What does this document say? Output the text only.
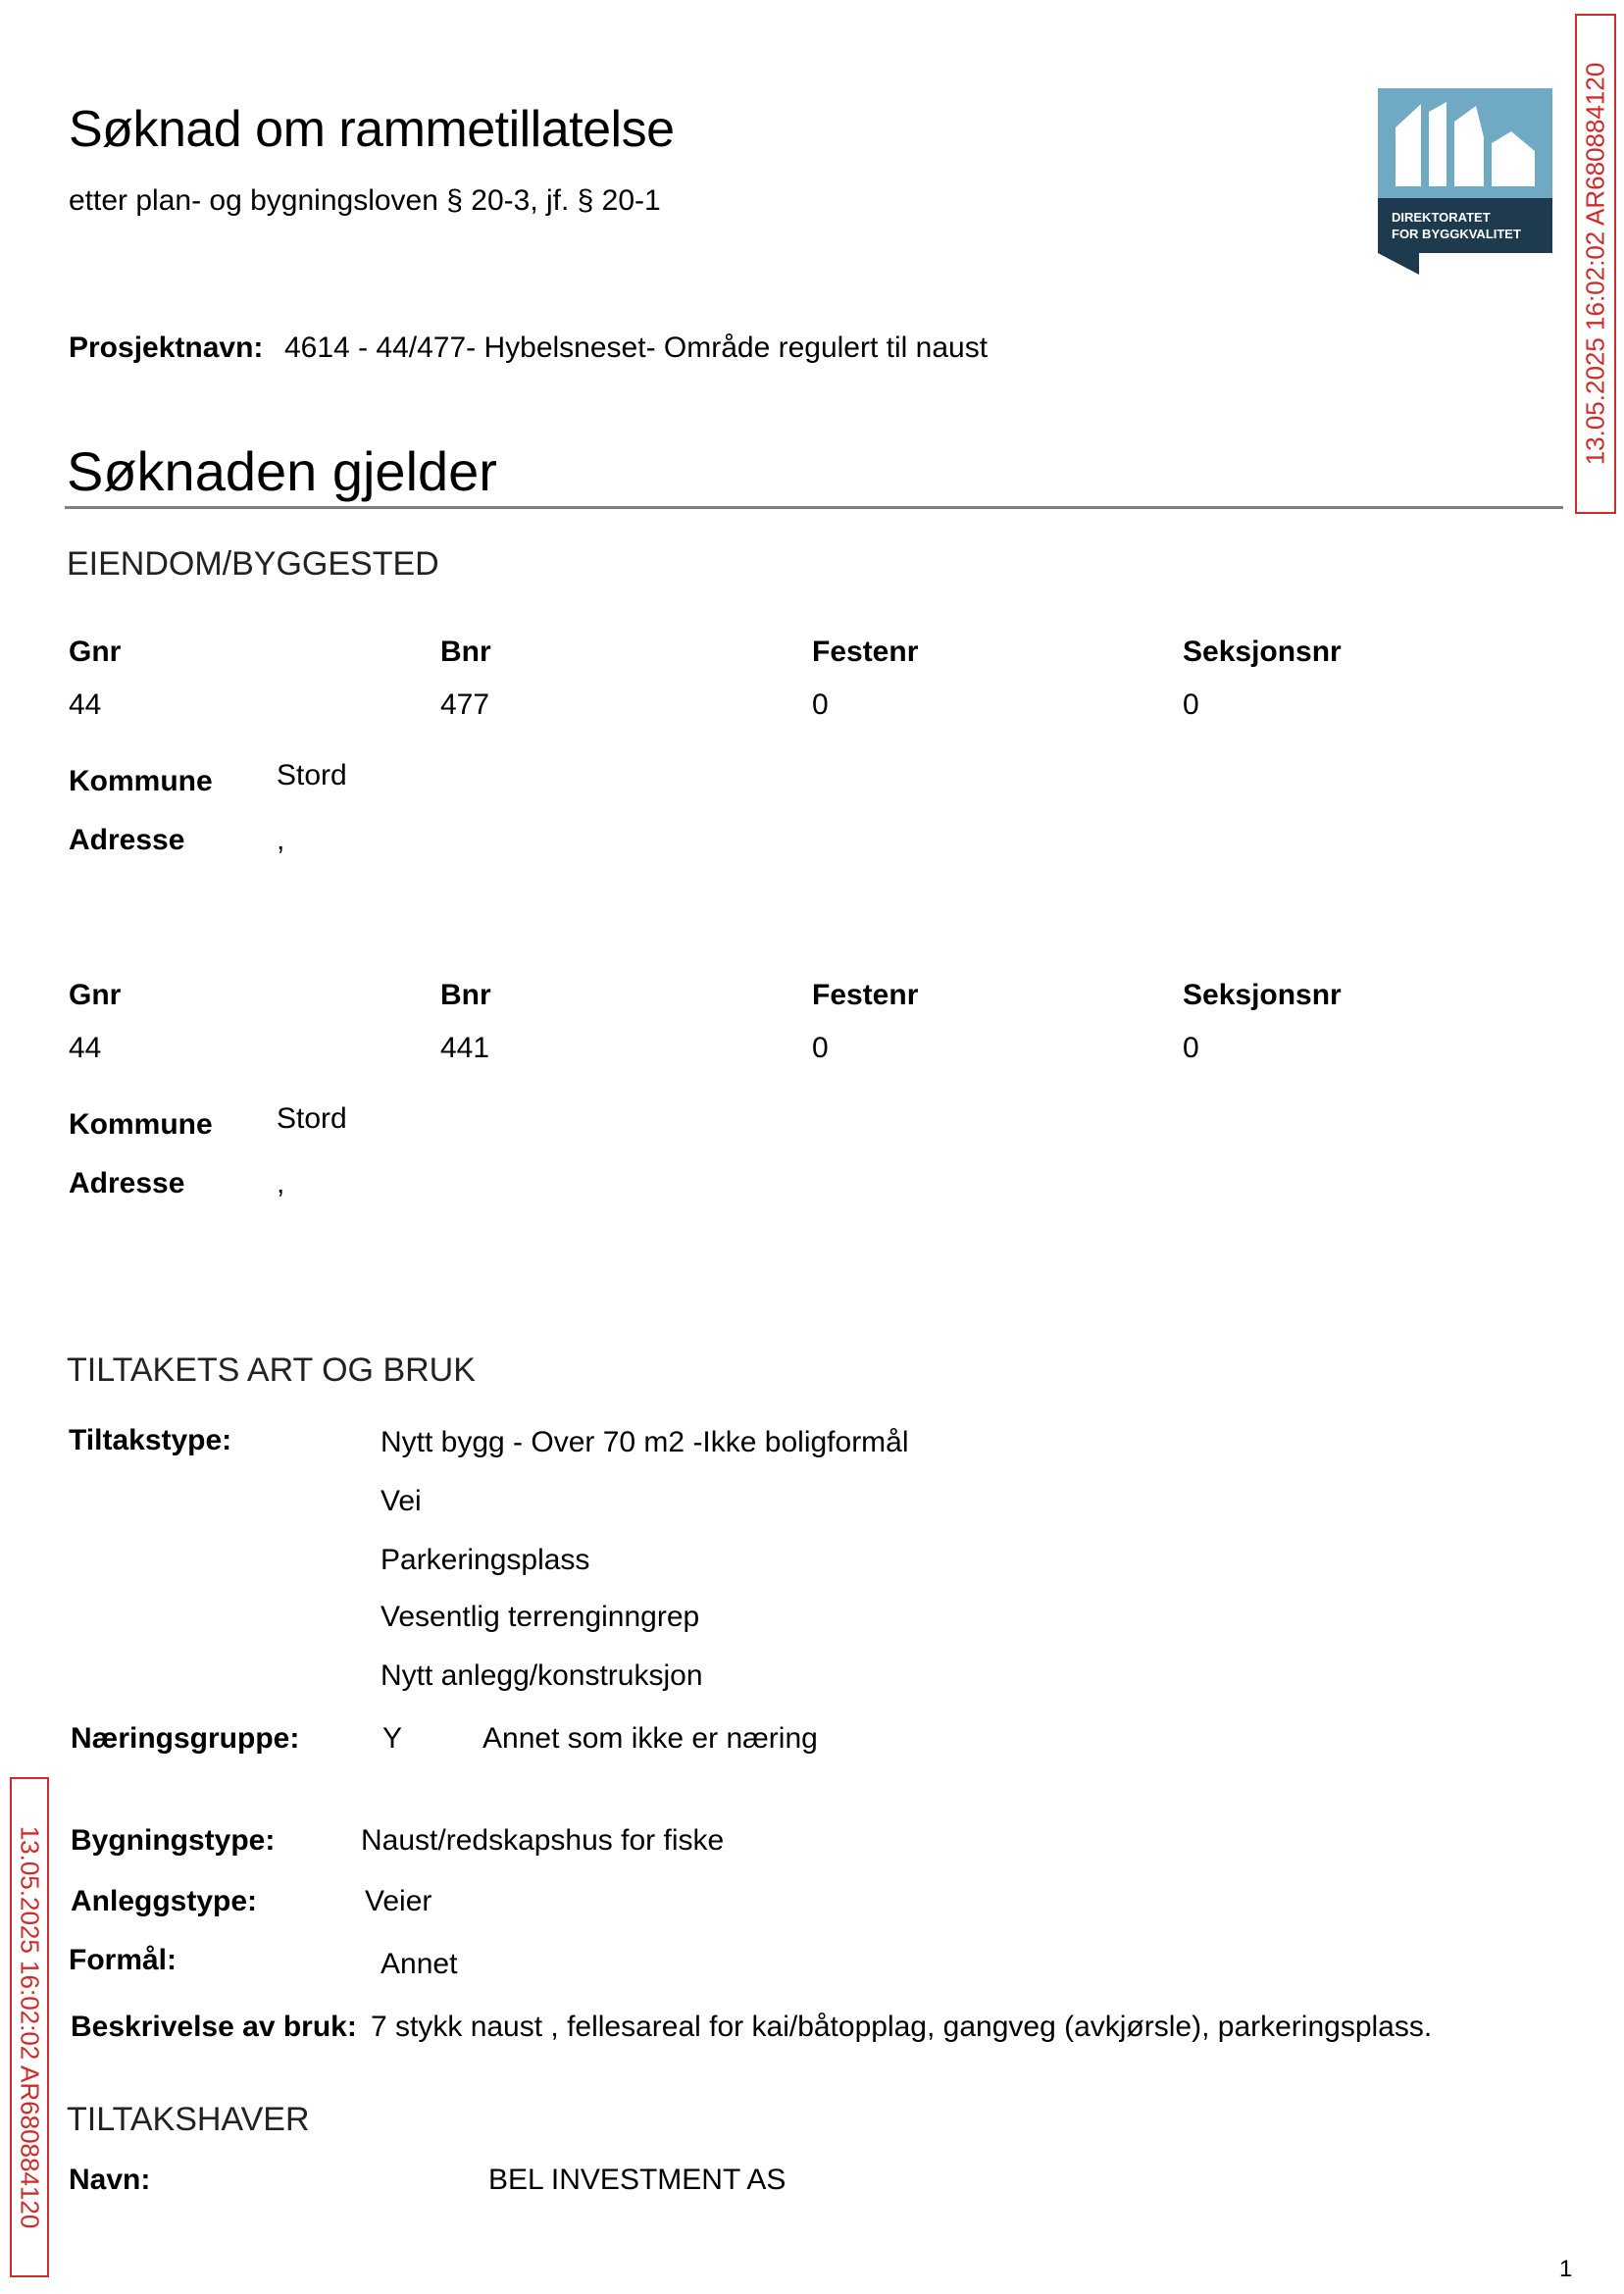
Søknad om rammetillatelse
etter plan- og bygningsloven § 20-3, jf. § 20-1
DIREKTORATET
FOR BYGGKVALITET 13.05.2025 16:02:02 AR680884120
13.05.2025 16:02:02 AR680884120
Prosjektnavn: 4614 - 44/477- Hybelsneset- Område regulert til naust
Søknaden gjelder
EIENDOM/BYGGESTED
Gnr	Bnr	Festenr	Seksjonsnr
44	477	0	0
Kommune Stord
Adresse	,
Gnr	Bnr	Festenr	Seksjonsnr
44	441	0	0
Kommune Stord
Adresse	,
TILTAKETS ART OG BRUK
Tiltakstype:	Nytt bygg - Over 70 m2 -Ikke boligformål
Vei
Parkeringsplass
Vesentlig terrenginngrep
Nytt anlegg/konstruksjon
Næringsgruppe:	Y	Annet som ikke er næring
Bygningstype:	Naust/redskapshus for fiske
Anleggstype:	Veier
Formål:	Annet
Beskrivelse av bruk: 7 stykk naust , fellesareal for kai/båtopplag, gangveg (avkjørsle), parkeringsplass.
TILTAKSHAVER
Navn:	BEL INVESTMENT AS
1
